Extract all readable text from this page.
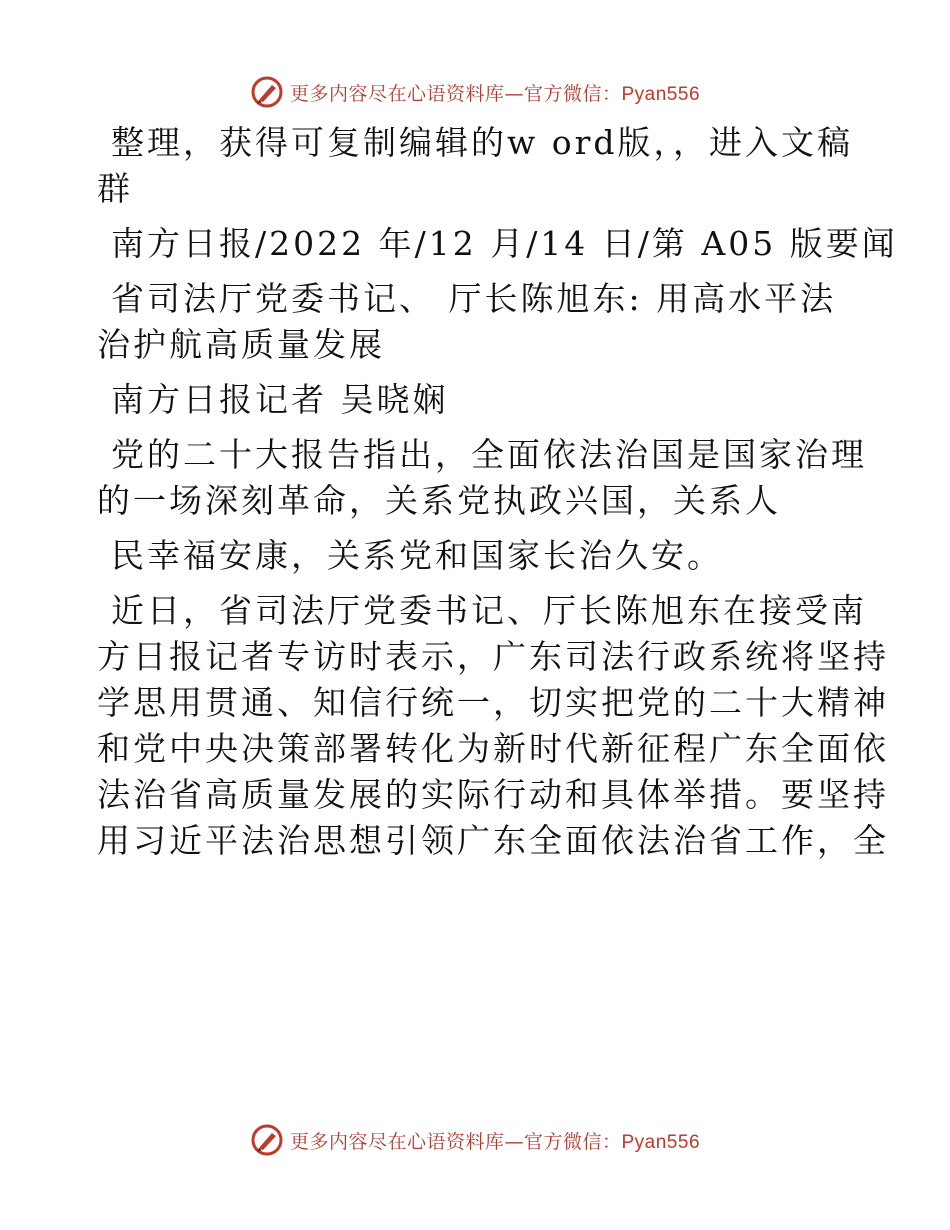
更多内容尽在心语资料库—官方微信：Pyan556

整理，获得可复制编辑的w ord版，，进入文稿
群

南方日报/2022 年/12 月/14 日/第 A05 版要闻

省司法厅党委书记、 厅长陈旭东: 用高水平法
治护航高质量发展

南方日报记者 吴晓娴

党的二十大报告指出，全面依法治国是国家治理
的一场深刻革命，关系党执政兴国，关系人

民幸福安康，关系党和国家长治久安。

近日，省司法厅党委书记、厅长陈旭东在接受南
方日报记者专访时表示，广东司法行政系统将坚持
学思用贯通、知信行统一，切实把党的二十大精神
和党中央决策部署转化为新时代新征程广东全面依
法治省高质量发展的实际行动和具体举措。要坚持
用习近平法治思想引领广东全面依法治省工作，全

更多内容尽在心语资料库—官方微信：Pyan556
